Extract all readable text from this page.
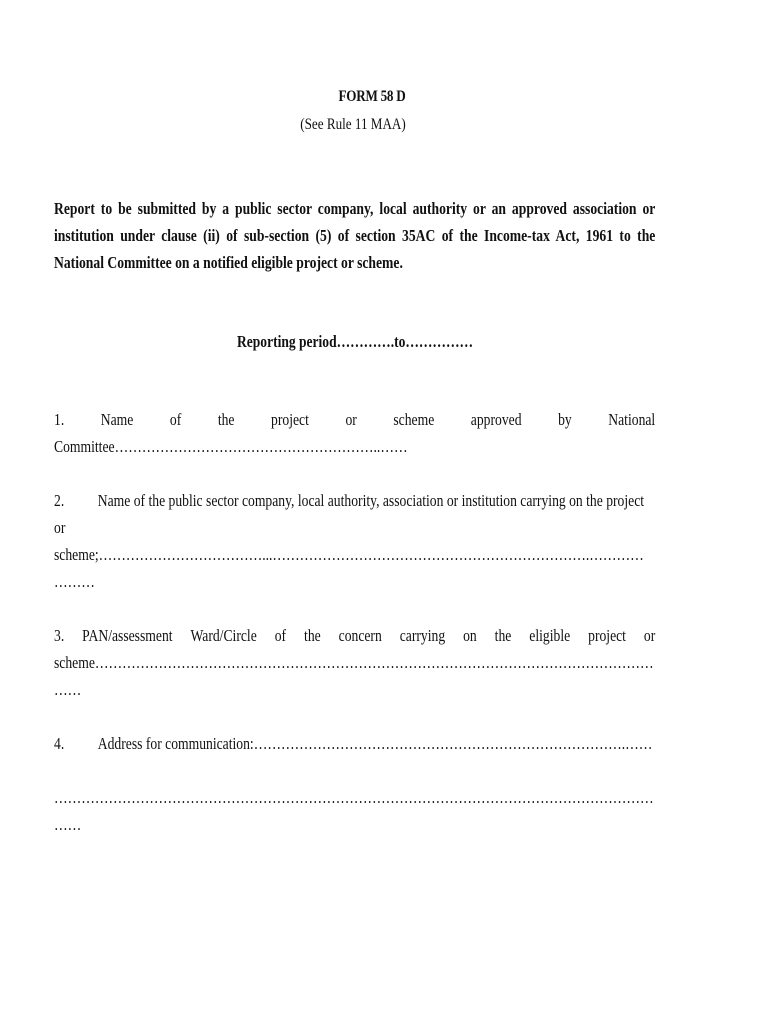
FORM 58 D
(See Rule 11 MAA)
Report to be submitted by a public sector company, local authority or an approved association or institution under clause (ii) of sub-section (5) of section 35AC of the Income-tax Act, 1961 to the National Committee on a notified eligible project or scheme.
Reporting period………….to……………
1. Name of the project or scheme approved by National
Committee…………………………………………………..……
2. Name of the public sector company, local authority, association or institution carrying on the project
or
scheme;………………………………...…………………………………………………………….…………
………
3. PAN/assessment Ward/Circle of the concern carrying on the eligible project or
scheme……………………………………………………………………………………………………………
……
4. Address for communication:……………………………………………………………………….……
……………………………………………………………………………………………………………………
……
